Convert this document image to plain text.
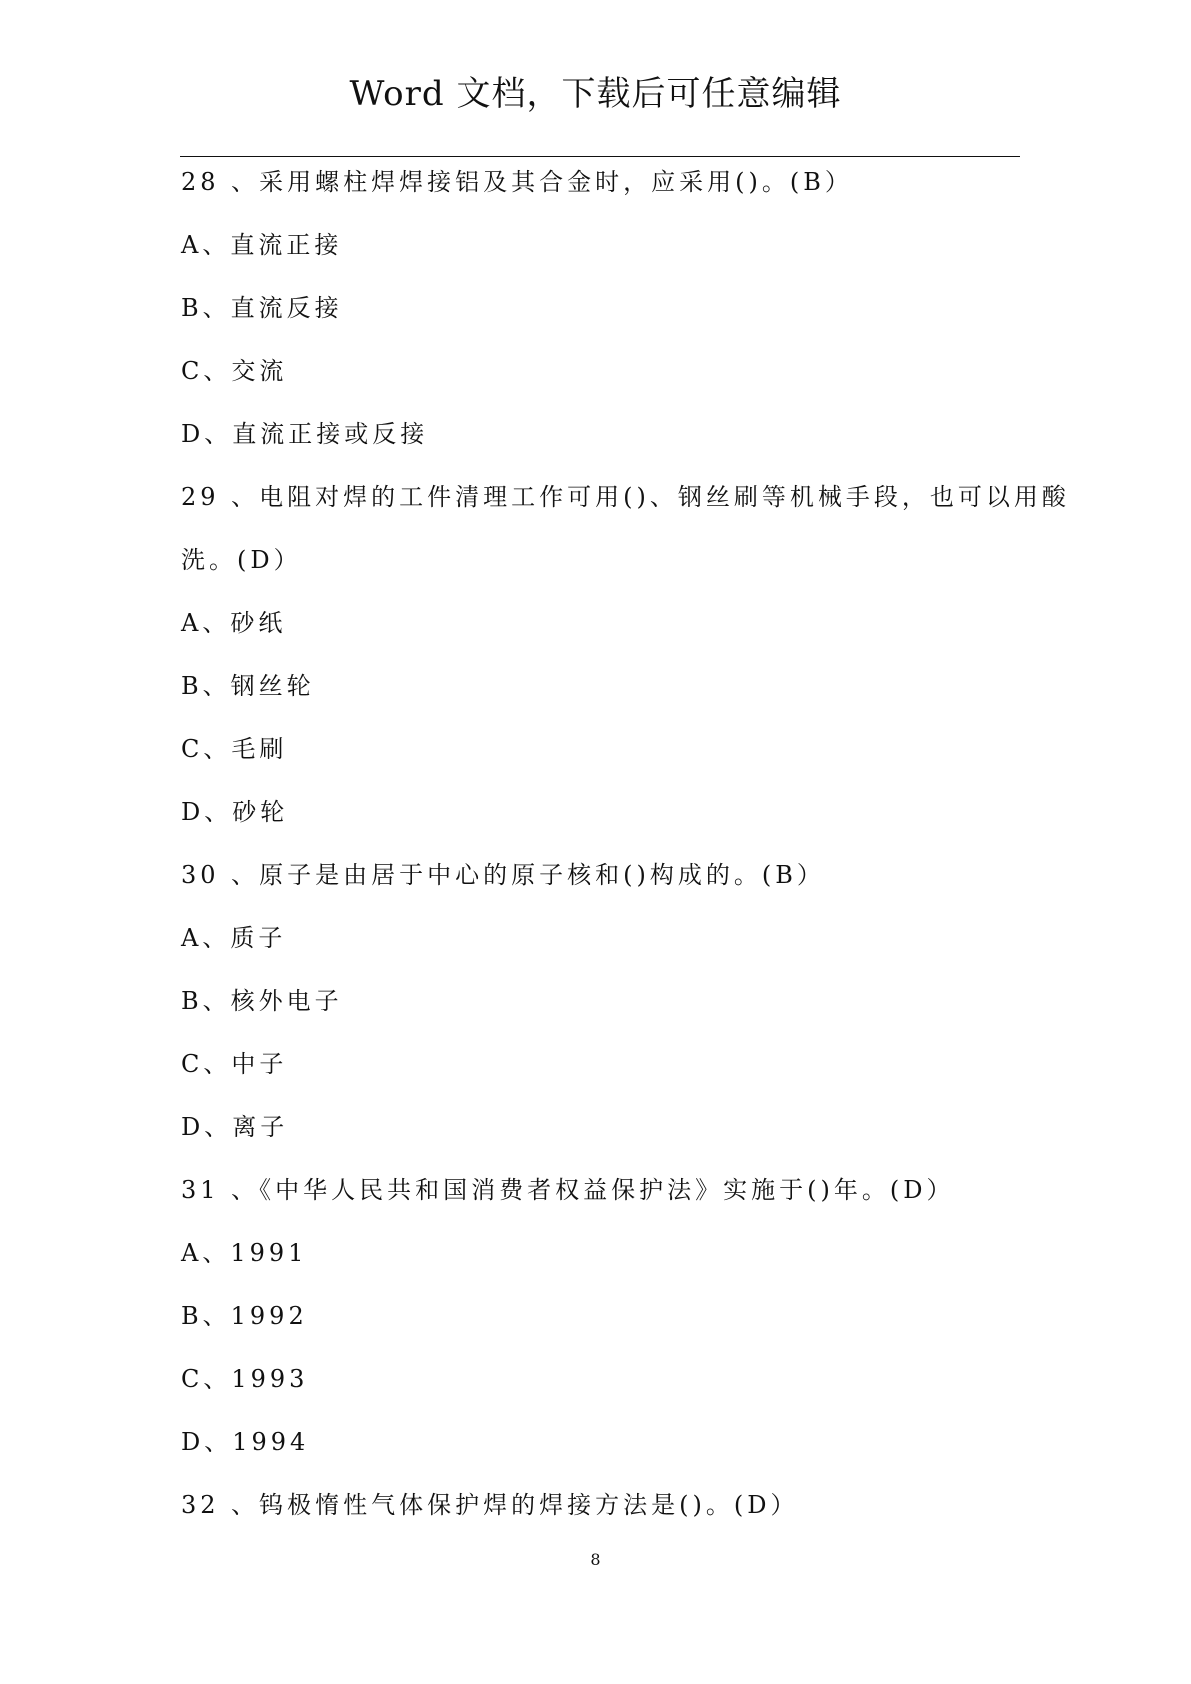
Word 文档，下载后可任意编辑
28 、采用螺柱焊焊接铝及其合金时，应采用()。(B）
A、直流正接
B、直流反接
C、交流
D、直流正接或反接
29 、电阻对焊的工件清理工作可用()、钢丝刷等机械手段，也可以用酸
洗。(D）
A、砂纸
B、钢丝轮
C、毛刷
D、砂轮
30 、原子是由居于中心的原子核和()构成的。(B）
A、质子
B、核外电子
C、中子
D、离子
31 、《中华人民共和国消费者权益保护法》实施于()年。(D）
A、1991
B、1992
C、1993
D、1994
32 、钨极惰性气体保护焊的焊接方法是()。(D）
8
